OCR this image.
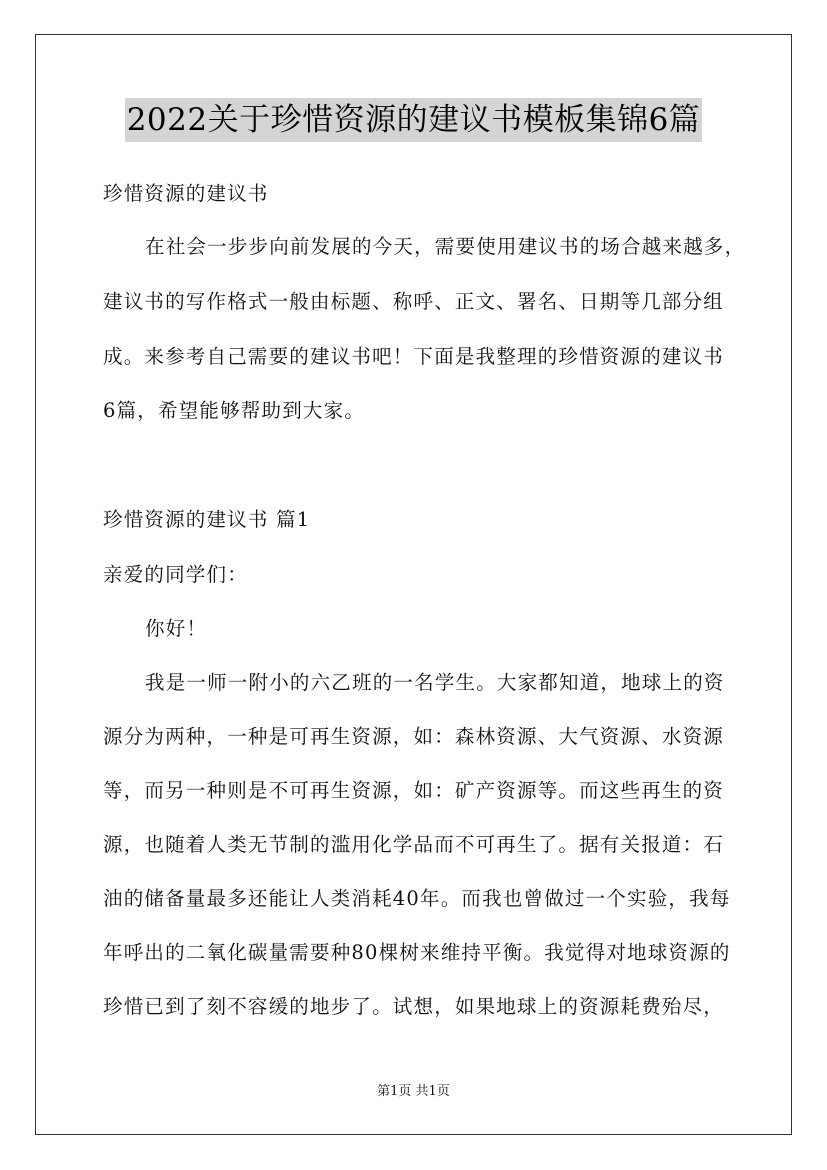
2022关于珍惜资源的建议书模板集锦6篇
珍惜资源的建议书
在社会一步步向前发展的今天，需要使用建议书的场合越来越多，
建议书的写作格式一般由标题、称呼、正文、署名、日期等几部分组
成。来参考自己需要的建议书吧！下面是我整理的珍惜资源的建议书
6篇，希望能够帮助到大家。
珍惜资源的建议书 篇1
亲爱的同学们：
你好！
我是一师一附小的六乙班的一名学生。大家都知道，地球上的资
源分为两种，一种是可再生资源，如：森林资源、大气资源、水资源
等，而另一种则是不可再生资源，如：矿产资源等。而这些再生的资
源，也随着人类无节制的滥用化学品而不可再生了。据有关报道：石
油的储备量最多还能让人类消耗40年。而我也曾做过一个实验，我每
年呼出的二氧化碳量需要种80棵树来维持平衡。我觉得对地球资源的
珍惜已到了刻不容缓的地步了。试想，如果地球上的资源耗费殆尽，
第1页 共1页
